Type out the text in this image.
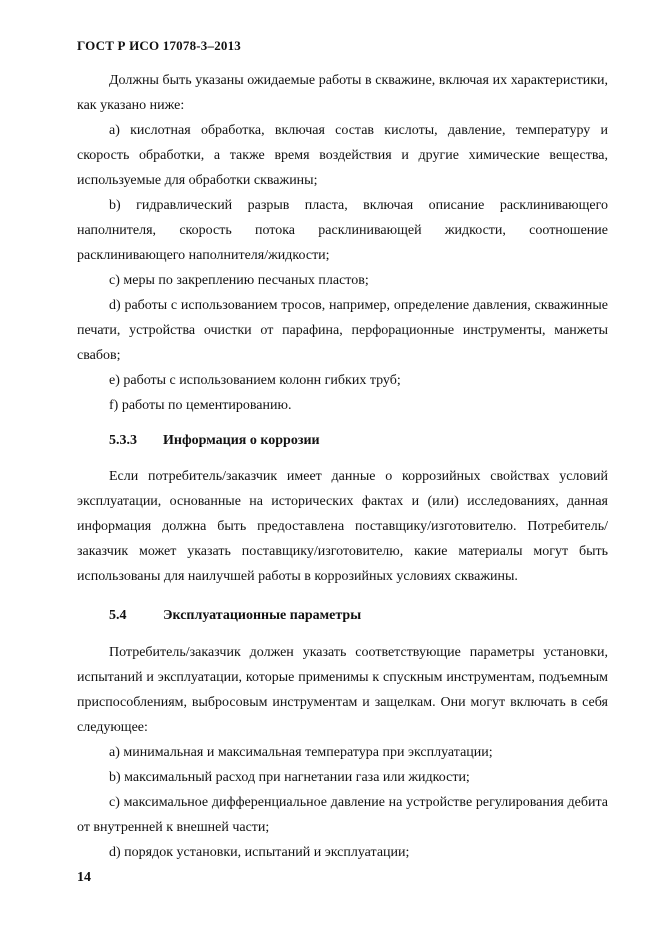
ГОСТ Р ИСО 17078-3–2013

Должны быть указаны ожидаемые работы в скважине, включая их характеристики, как указано ниже:

a) кислотная обработка, включая состав кислоты, давление, температуру и скорость обработки, а также время воздействия и другие химические вещества, используемые для обработки скважины;

b) гидравлический разрыв пласта, включая описание расклинивающего наполнителя, скорость потока расклинивающей жидкости, соотношение расклинивающего наполнителя/жидкости;

c) меры по закреплению песчаных пластов;

d) работы с использованием тросов, например, определение давления, скважинные печати, устройства очистки от парафина, перфорационные инструменты, манжеты свабов;

e) работы с использованием колонн гибких труб;

f) работы по цементированию.

5.3.3 Информация о коррозии

Если потребитель/заказчик имеет данные о коррозийных свойствах условий эксплуатации, основанные на исторических фактах и (или) исследованиях, данная информация должна быть предоставлена поставщику/изготовителю. Потребитель/заказчик может указать поставщику/изготовителю, какие материалы могут быть использованы для наилучшей работы в коррозийных условиях скважины.

5.4	Эксплуатационные параметры

Потребитель/заказчик должен указать соответствующие параметры установки, испытаний и эксплуатации, которые применимы к спускным инструментам, подъемным приспособлениям, выбросовым инструментам и защелкам. Они могут включать в себя следующее:

a) минимальная и максимальная температура при эксплуатации;

b) максимальный расход при нагнетании газа или жидкости;

c) максимальное дифференциальное давление на устройстве регулирования дебита от внутренней к внешней части;

d) порядок установки, испытаний и эксплуатации;

14
